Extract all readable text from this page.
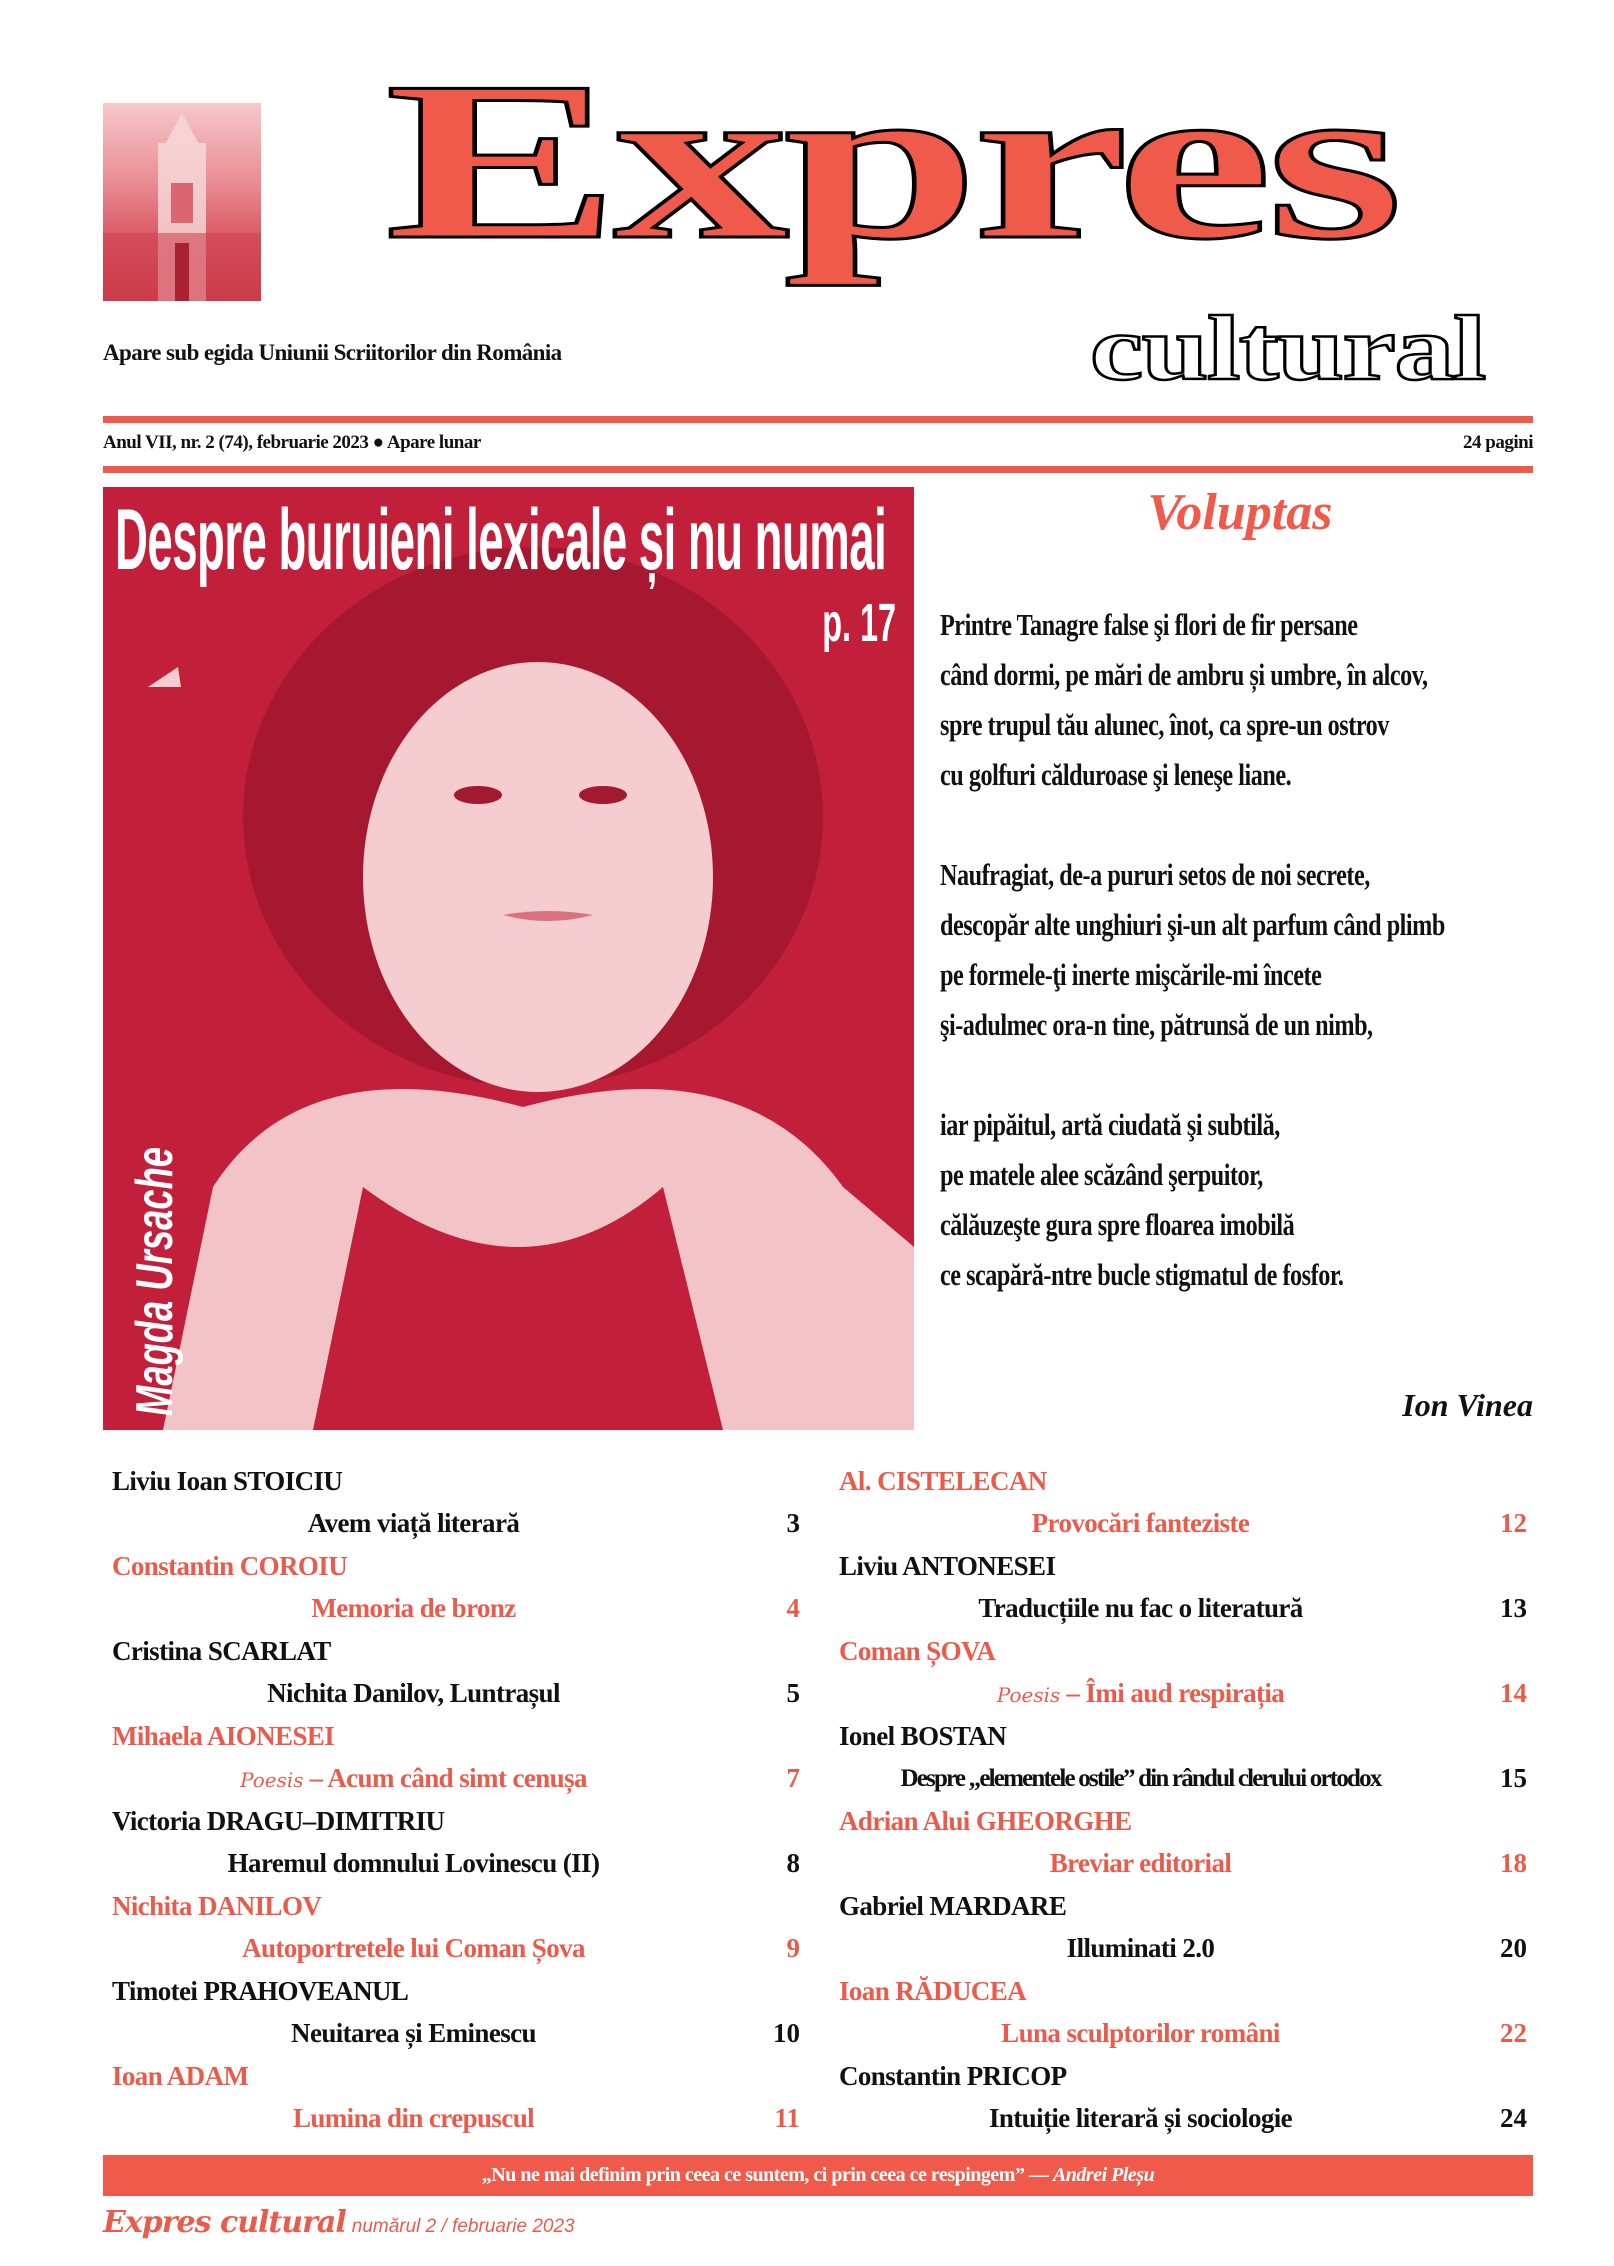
Expres
cultural
Apare sub egida Uniunii Scriitorilor din România
Anul VII, nr. 2 (74), februarie 2023 ● Apare lunar	24 pagini
Despre buruieni lexicale și nu numai
p. 17
Magda Ursache
Voluptas
Printre Tanagre false şi flori de fir persane
când dormi, pe mări de ambru și umbre, în alcov,
spre trupul tău alunec, înot, ca spre-un ostrov
cu golfuri călduroase şi leneşe liane.
Naufragiat, de-a pururi setos de noi secrete,
descopăr alte unghiuri şi-un alt parfum când plimb
pe formele-ţi inerte mişcările-mi încete
şi-adulmec ora-n tine, pătrunsă de un nimb,
iar pipăitul, artă ciudată şi subtilă,
pe matele alee scăzând şerpuitor,
călăuzeşte gura spre floarea imobilă
ce scapără-ntre bucle stigmatul de fosfor.
Ion Vinea
Liviu Ioan STOICIU
Avem viață literară	3
Constantin COROIU
Memoria de bronz	4
Cristina SCARLAT
Nichita Danilov, Luntrașul	5
Mihaela AIONESEI
Poesis – Acum când simt cenușa	7
Victoria DRAGU–DIMITRIU
Haremul domnului Lovinescu (II)	8
Nichita DANILOV
Autoportretele lui Coman Șova	9
Timotei PRAHOVEANUL
Neuitarea și Eminescu	10
Ioan ADAM
Lumina din crepuscul	11
Al. CISTELECAN
Provocări fanteziste	12
Liviu ANTONESEI
Traducțiile nu fac o literatură	13
Coman ȘOVA
Poesis – Îmi aud respirația	14
Ionel BOSTAN
Despre „elementele ostile” din rândul clerului ortodox	15
Adrian Alui GHEORGHE
Breviar editorial	18
Gabriel MARDARE
Illuminati 2.0	20
Ioan RĂDUCEA
Luna sculptorilor români	22
Constantin PRICOP
Intuiție literară și sociologie	24
„Nu ne mai definim prin ceea ce suntem, ci prin ceea ce respingem” — Andrei Pleșu
Expres cultural numărul 2 / februarie 2023
